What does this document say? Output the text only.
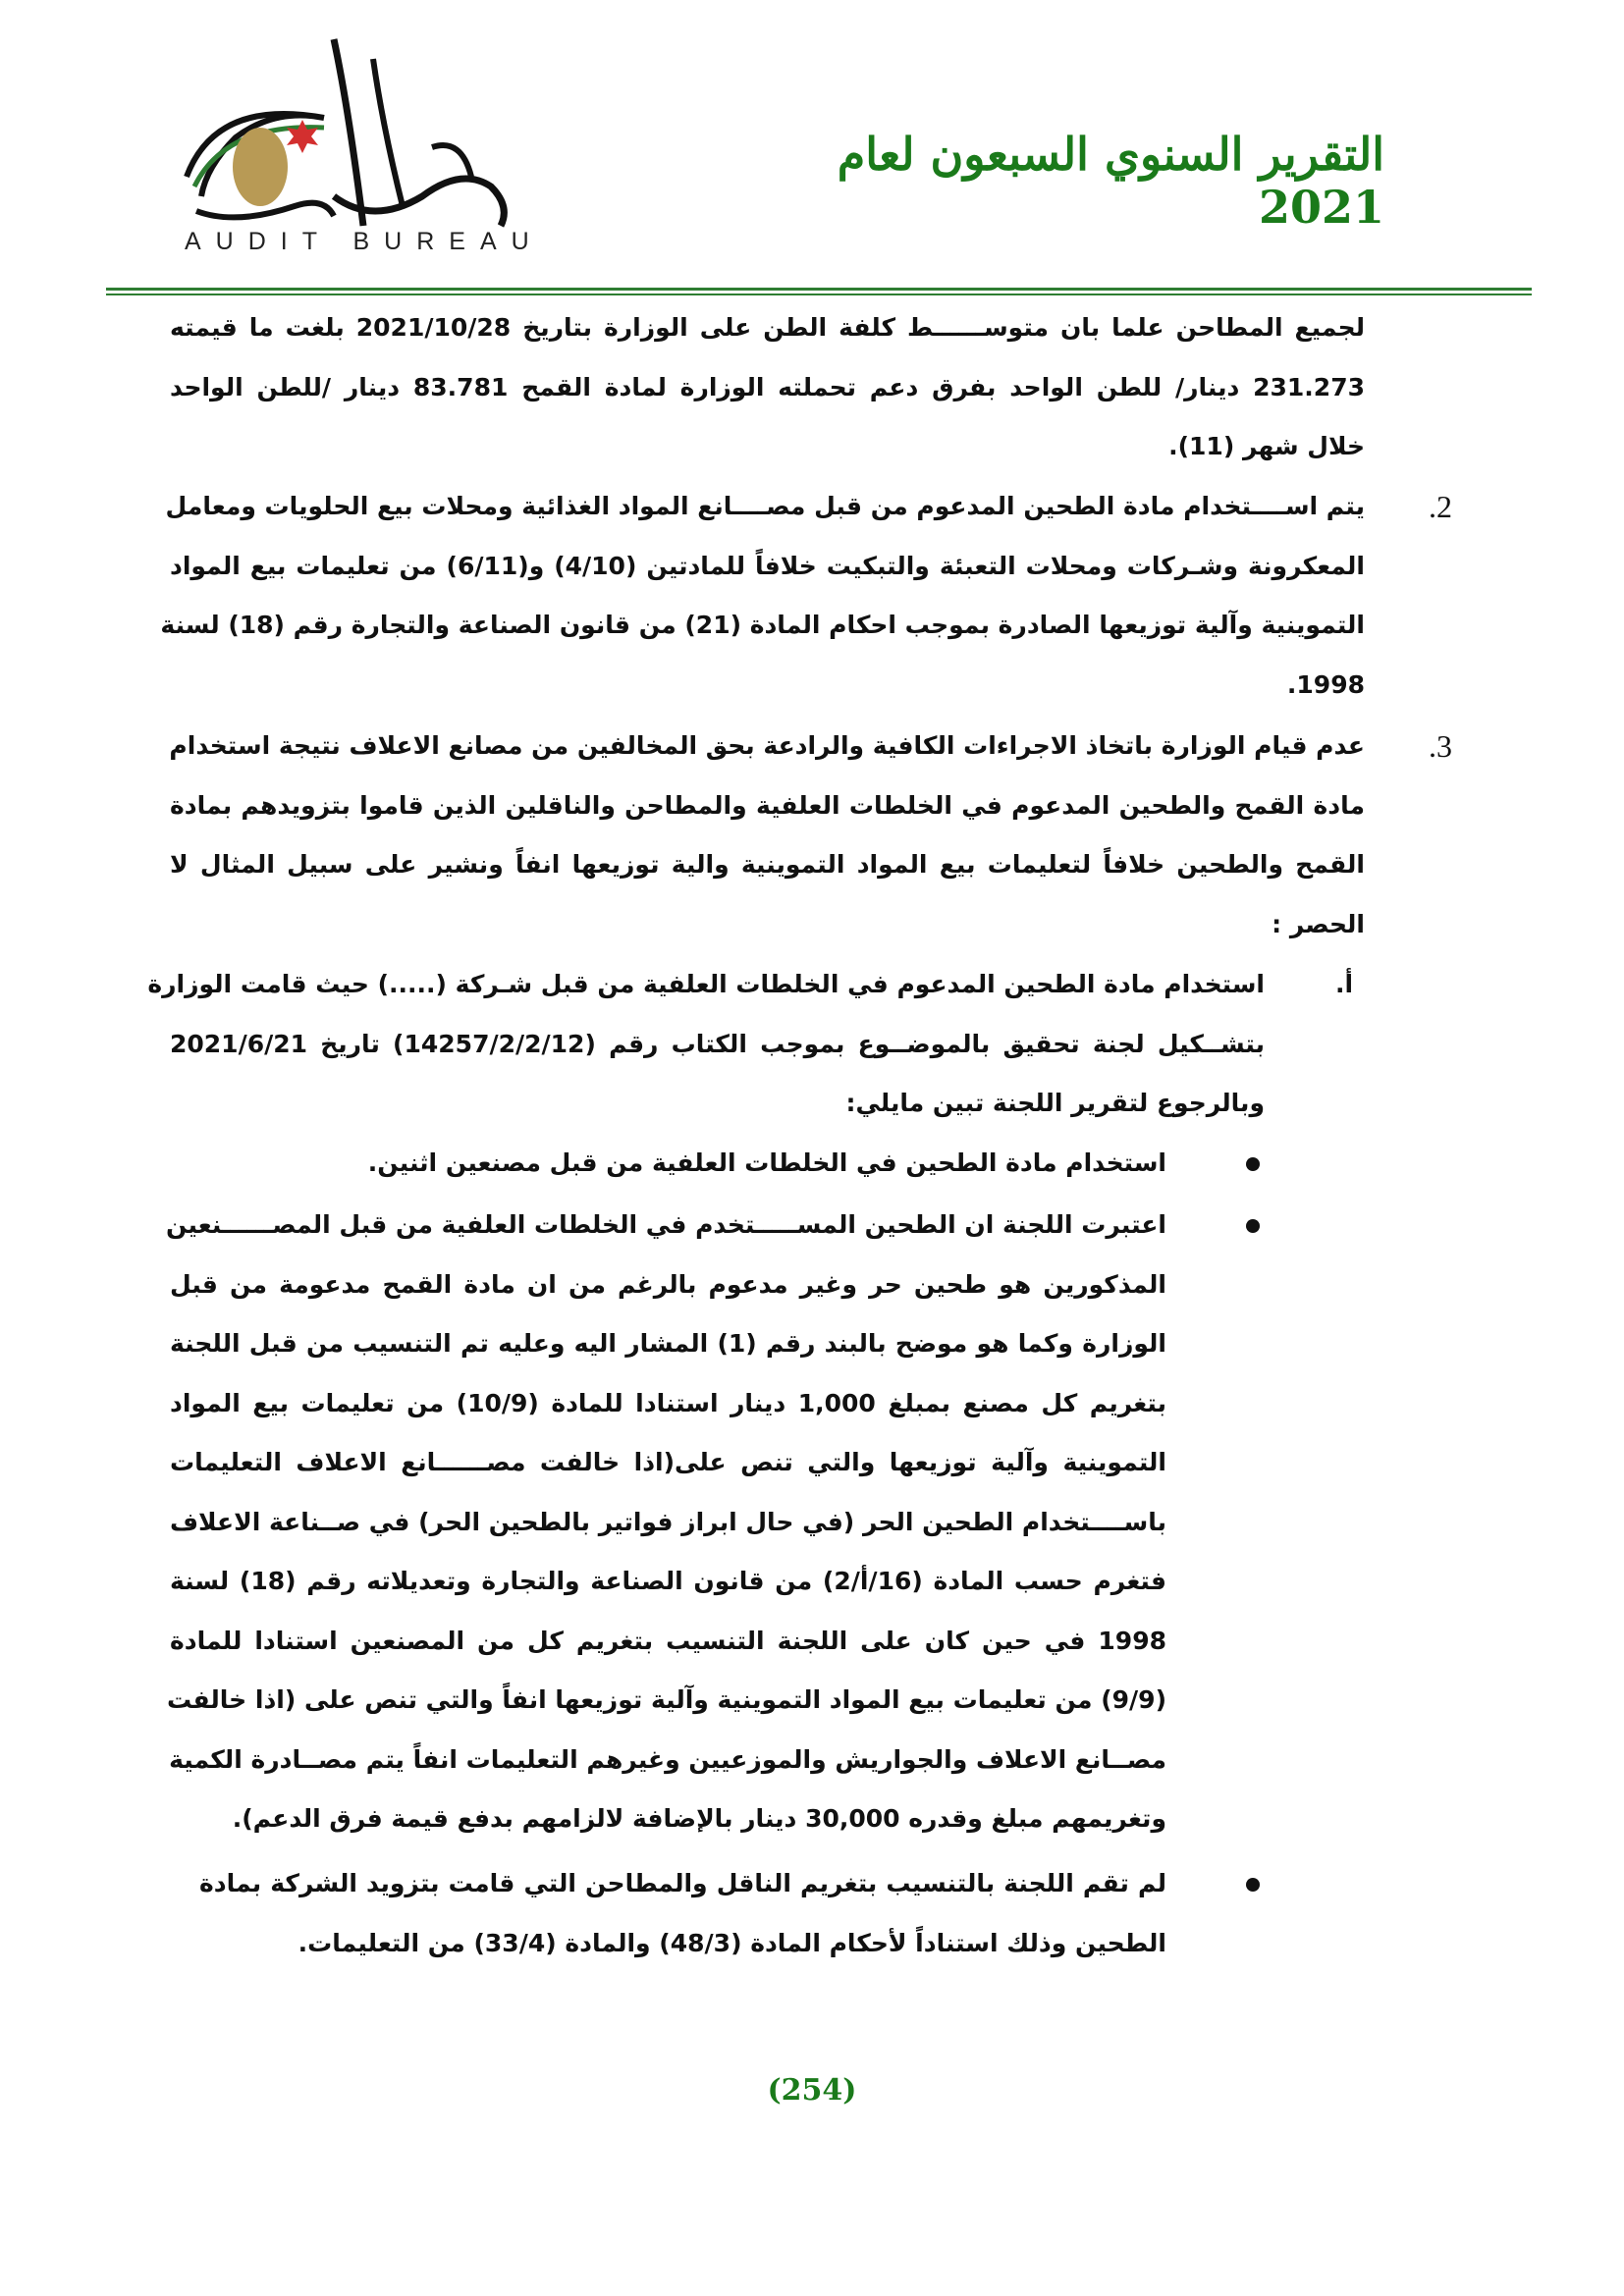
AUDIT BUREAU
التقرير السنوي السبعون لعام 2021
لجميع المطاحن علما بان متوســــــط كلفة الطن على الوزارة بتاريخ 2021/10/28 بلغت ما قيمته
231.273 دينار/ للطن الواحد بفرق دعم تحملته الوزارة لمادة القمح 83.781 دينار /للطن الواحد
خلال شهر (11).
2.
يتم اســــتخدام مادة الطحين المدعوم من قبل مصــــانع المواد الغذائية ومحلات بيع الحلويات ومعامل
المعكرونة وشـركات ومحلات التعبئة والتبكيت خلافاً للمادتين (4/10) و(6/11) من تعليمات بيع المواد
التموينية وآلية توزيعها الصادرة بموجب احكام المادة (21) من قانون الصناعة والتجارة رقم (18) لسنة
1998.
3.
عدم قيام الوزارة باتخاذ الاجراءات الكافية والرادعة بحق المخالفين من مصانع الاعلاف نتيجة استخدام
مادة القمح والطحين المدعوم في الخلطات العلفية والمطاحن والناقلين الذين قاموا بتزويدهم بمادة
القمح والطحين خلافاً لتعليمات بيع المواد التموينية والية توزيعها انفاً ونشير على سبيل المثال لا
الحصر :
أ.
استخدام مادة الطحين المدعوم في الخلطات العلفية من قبل شـركة (.....) حيث قامت الوزارة
بتشــكيل لجنة تحقيق بالموضــوع بموجب الكتاب رقم (14257/2/2/12) تاريخ 2021/6/21
وبالرجوع لتقرير اللجنة تبين مايلي:
استخدام مادة الطحين في الخلطات العلفية من قبل مصنعين اثنين.
اعتبرت اللجنة ان الطحين المســـــتخدم في الخلطات العلفية من قبل المصــــــنعين
المذكورين هو طحين حر وغير مدعوم بالرغم من ان مادة القمح مدعومة من قبل
الوزارة وكما هو موضح بالبند رقم (1) المشار اليه وعليه تم التنسيب من قبل اللجنة
بتغريم كل مصنع بمبلغ 1,000 دينار استنادا للمادة (10/9) من تعليمات بيع المواد
التموينية وآلية توزيعها والتي تنص على(اذا خالفت مصــــــانع الاعلاف التعليمات
باســــتخدام الطحين الحر (في حال ابراز فواتير بالطحين الحر) في صــناعة الاعلاف
فتغرم حسب المادة (16/أ/2) من قانون الصناعة والتجارة وتعديلاته رقم (18) لسنة
1998 في حين كان على اللجنة التنسيب بتغريم كل من المصنعين استنادا للمادة
(9/9) من تعليمات بيع المواد التموينية وآلية توزيعها انفاً والتي تنص على (اذا خالفت
مصــانع الاعلاف والجواريش والموزعيين وغيرهم التعليمات انفاً يتم مصــادرة الكمية
وتغريمهم مبلغ وقدره 30,000 دينار بالإضافة لالزامهم بدفع قيمة فرق الدعم).
لم تقم اللجنة بالتنسيب بتغريم الناقل والمطاحن التي قامت بتزويد الشركة بمادة
الطحين وذلك استناداً لأحكام المادة (48/3) والمادة (33/4) من التعليمات.
(254)
